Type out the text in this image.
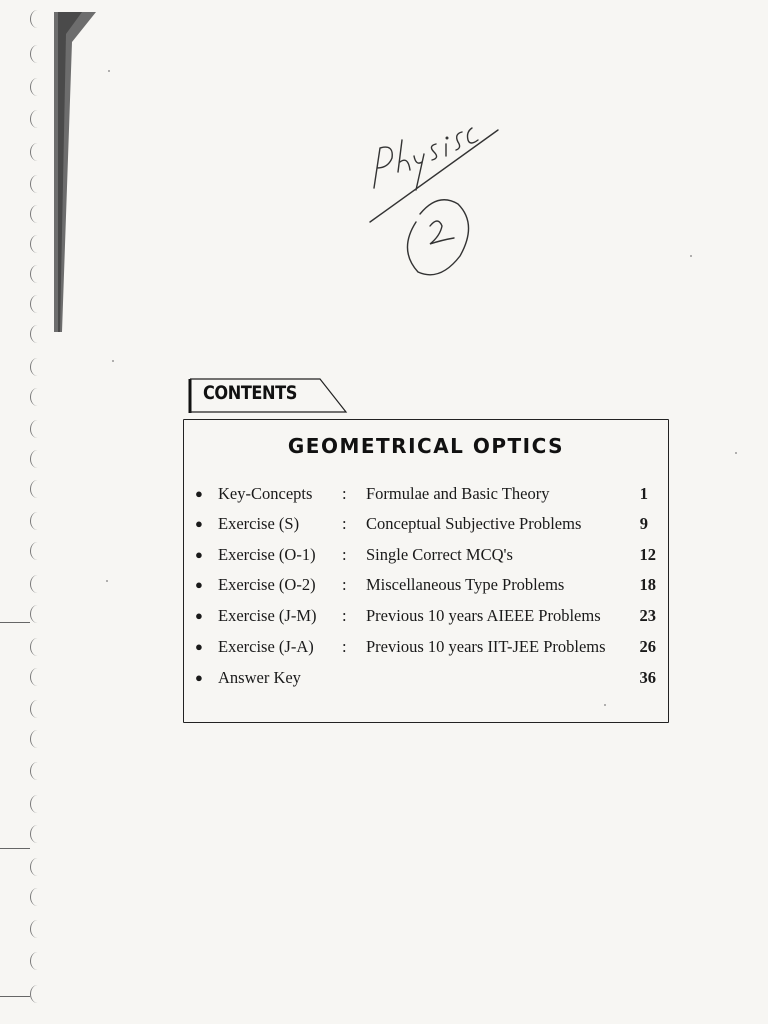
CONTENTS
GEOMETRICAL OPTICS
● Key-Concepts : Formulae and Basic Theory	1
● Exercise (S)	: Conceptual Subjective Problems	9
● Exercise (O-1) : Single Correct MCQ's	12
● Exercise (O-2) : Miscellaneous Type Problems	18
● Exercise (J-M) : Previous 10 years AIEEE Problems 23
● Exercise (J-A) : Previous 10 years IIT-JEE Problems 26
● Answer Key	36
